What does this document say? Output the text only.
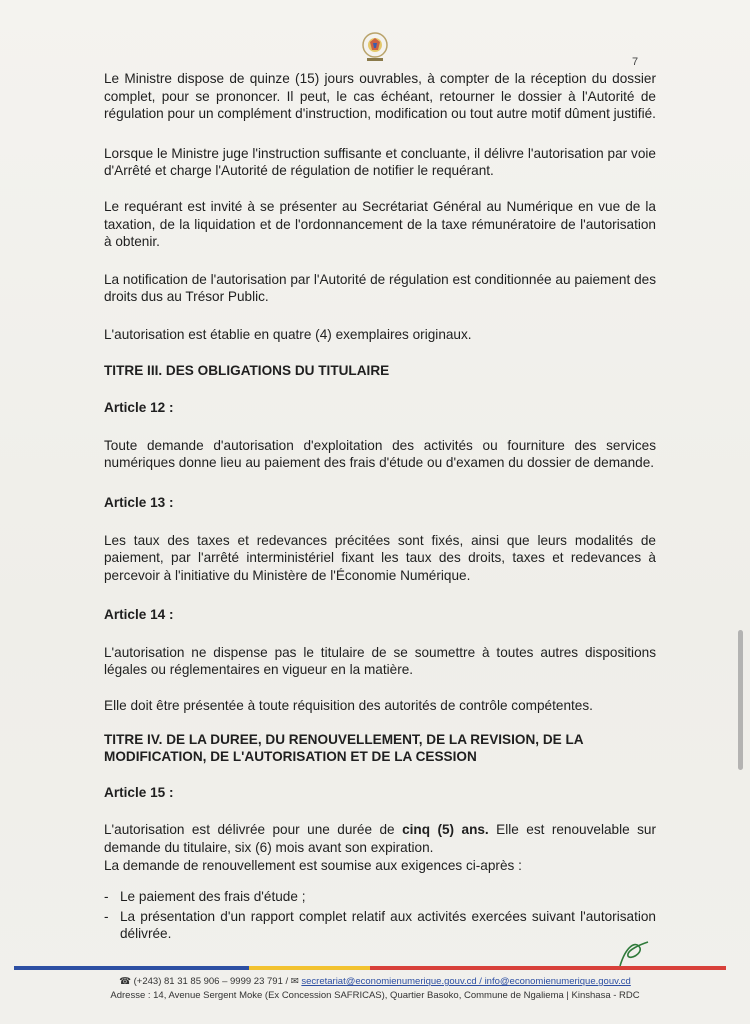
7

Le Ministre dispose de quinze (15) jours ouvrables, à compter de la réception du dossier complet, pour se prononcer. Il peut, le cas échéant, retourner le dossier à l'Autorité de régulation pour un complément d'instruction, modification ou tout autre motif dûment justifié.

Lorsque le Ministre juge l'instruction suffisante et concluante, il délivre l'autorisation par voie d'Arrêté et charge l'Autorité de régulation de notifier le requérant.

Le requérant est invité à se présenter au Secrétariat Général au Numérique en vue de la taxation, de la liquidation et de l'ordonnancement de la taxe rémunératoire de l'autorisation à obtenir.

La notification de l'autorisation par l'Autorité de régulation est conditionnée au paiement des droits dus au Trésor Public.

L'autorisation est établie en quatre (4) exemplaires originaux.

TITRE III. DES OBLIGATIONS DU TITULAIRE
Article 12 :

Toute demande d'autorisation d'exploitation des activités ou fourniture des services numériques donne lieu au paiement des frais d'étude ou d'examen du dossier de demande.

Article 13 :

Les taux des taxes et redevances précitées sont fixés, ainsi que leurs modalités de paiement, par l'arrêté interministériel fixant les taux des droits, taxes et redevances à percevoir à l'initiative du Ministère de l'Économie Numérique.

Article 14 :

L'autorisation ne dispense pas le titulaire de se soumettre à toutes autres dispositions légales ou réglementaires en vigueur en la matière.

Elle doit être présentée à toute réquisition des autorités de contrôle compétentes.

TITRE IV. DE LA DUREE, DU RENOUVELLEMENT, DE LA REVISION, DE LA MODIFICATION, DE L'AUTORISATION ET DE LA CESSION
Article 15 :

L'autorisation est délivrée pour une durée de cinq (5) ans. Elle est renouvelable sur demande du titulaire, six (6) mois avant son expiration.

La demande de renouvellement est soumise aux exigences ci-après :

- Le paiement des frais d'étude ;
- La présentation d'un rapport complet relatif aux activités exercées suivant l'autorisation délivrée.
☎ (+243) 81 31 85 906 – 9999 23 791 / ✉ secretariat@economienumerique.gouv.cd / info@economienumerique.gouv.cd
Adresse : 14, Avenue Sergent Moke (Ex Concession SAFRICAS), Quartier Basoko, Commune de Ngaliema | Kinshasa - RDC
